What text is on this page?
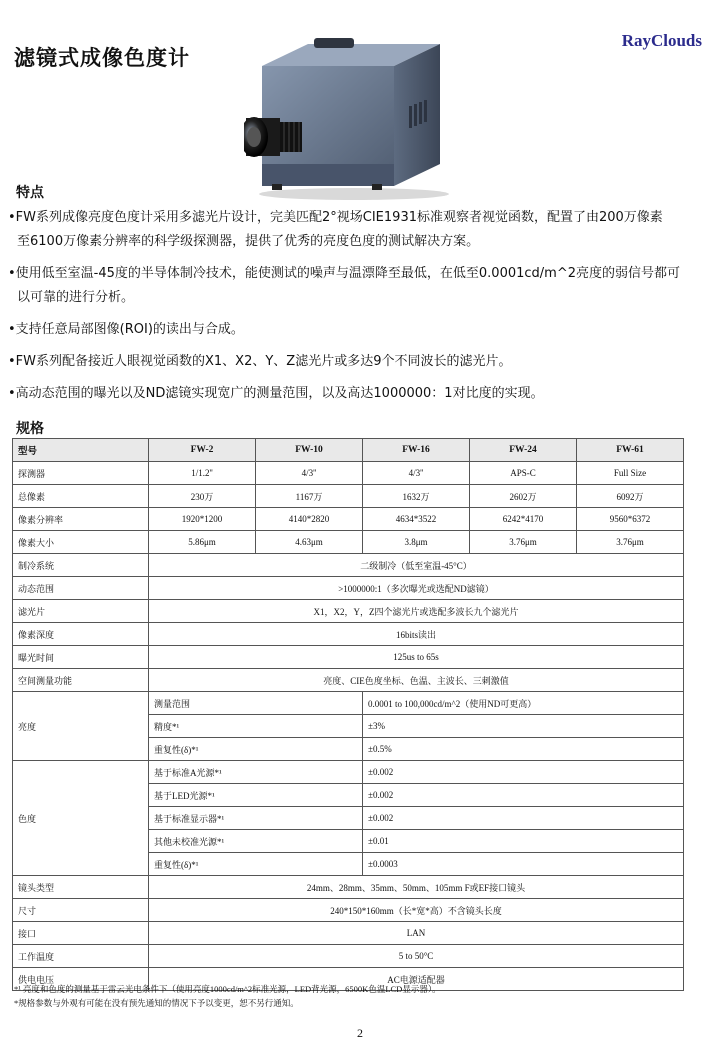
滤镜式成像色度计
RayClouds
特点
•FW系列成像亮度色度计采用多滤光片设计，完美匹配2°视场CIE1931标准观察者视觉函数，配置了由200万像素
至6100万像素分辨率的科学级探测器，提供了优秀的亮度色度的测试解决方案。
•使用低至室温-45度的半导体制冷技术，能使测试的噪声与温漂降至最低，在低至0.0001cd/m^2亮度的弱信号都可
以可靠的进行分析。
•支持任意局部图像(ROI)的读出与合成。
•FW系列配备接近人眼视觉函数的X1、X2、Y、Z滤光片或多达9个不同波长的滤光片。
•高动态范围的曝光以及ND滤镜实现宽广的测量范围，以及高达1000000：1对比度的实现。
规格
型号	FW-2	FW-10	FW-16	FW-24	FW-61
探测器	1/1.2''	4/3''	4/3''	APS-C	Full Size
总像素	230万	1167万	1632万	2602万	6092万
像素分辨率	1920*1200	4140*2820	4634*3522	6242*4170	9560*6372
像素大小	5.86μm	4.63μm	3.8μm	3.76μm	3.76μm
制冷系统	二级制冷（低至室温-45°C）				
动态范围	>1000000:1（多次曝光或选配ND滤镜）				
滤光片	X1，X2，Y，Z四个滤光片或选配多波长九个滤光片				
像素深度	16bits读出				
曝光时间	125us to 65s				
空间测量功能	亮度、CIE色度坐标、色温、主波长、三刺激值				
亮度	测量范围		0.0001 to 100,000cd/m^2（使用ND可更高）		
	精度*¹		±3%		
	重复性(δ)*¹		±0.5%		
色度	基于标准A光源*¹		±0.002		
	基于LED光源*¹		±0.002		
	基于标准显示器*¹		±0.002		
	其他未校准光源*¹		±0.01		
	重复性(δ)*¹		±0.0003		
镜头类型	24mm、28mm、35mm、50mm、105mm F或EF接口镜头				
尺寸	240*150*160mm（长*宽*高）不含镜头长度				
接口	LAN				
工作温度	5 to 50°C				
供电电压	AC电源适配器				
*¹ 亮度和色度的测量基于雷云光电条件下（使用亮度1000cd/m^2标准光源，LED背光源，6500K色温LCD显示器）。
*规格参数与外观有可能在没有预先通知的情况下予以变更，恕不另行通知。
2
